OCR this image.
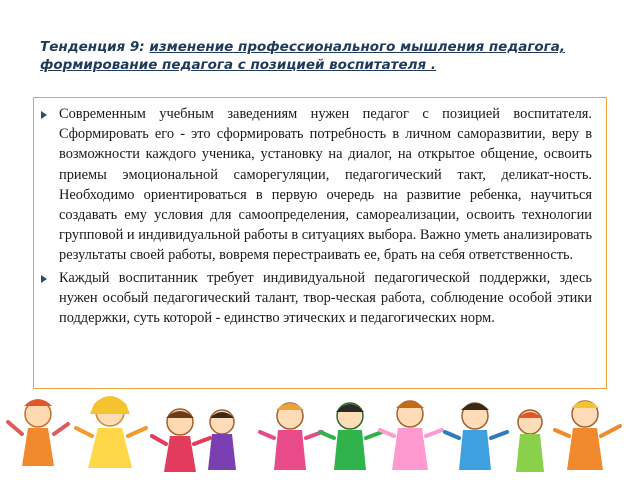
Тенденция 9: изменение профессионального мышления педагога, формирование педагога с позицией воспитателя .
Современным учебным заведениям нужен педагог с позицией воспитателя. Сформировать его - это сформировать потребность в личном саморазвитии, веру в возможности каждого ученика, установку на диалог, на открытое общение, освоить приемы эмоциональной саморегуляции, педагогический такт, деликат-ность. Необходимо ориентироваться в первую очередь на развитие ребенка, научиться создавать ему условия для самоопределения, самореализации, освоить технологии групповой и индивидуальной работы в ситуациях выбора. Важно уметь анализировать результаты своей работы, вовремя перестраивать ее, брать на себя ответственность.
Каждый воспитанник требует индивидуальной педагогической поддержки, здесь нужен особый педагогический талант, твор-ческая работа, соблюдение особой этики поддержки, суть которой - единство этических и педагогических норм.
